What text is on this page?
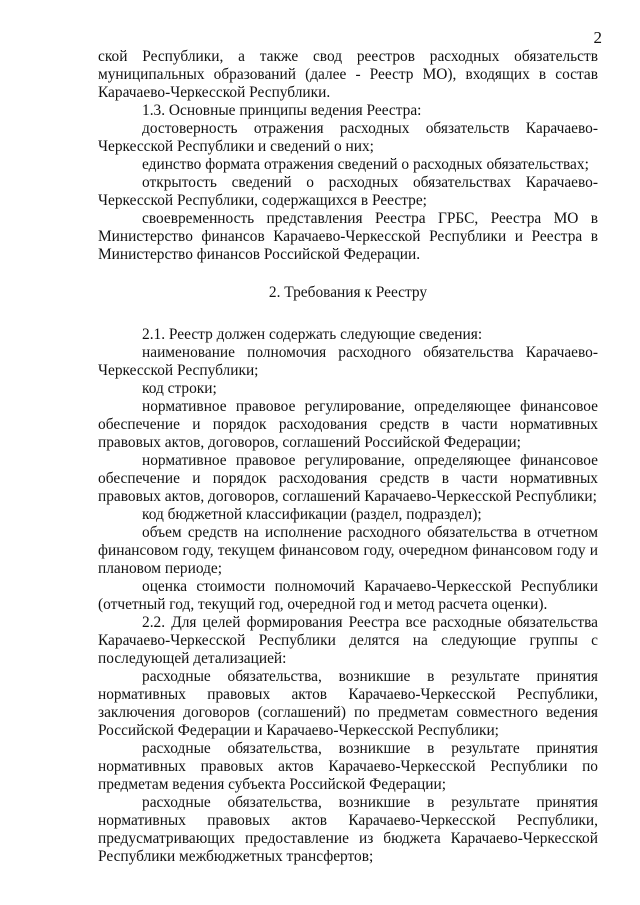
2

ской Республики, а также свод реестров расходных обязательств муниципальных образований (далее - Реестр МО), входящих в состав Карачаево-Черкесской Республики.

1.3. Основные принципы ведения Реестра:

достоверность отражения расходных обязательств Карачаево-Черкесской Республики и сведений о них;

единство формата отражения сведений о расходных обязательствах;

открытость сведений о расходных обязательствах Карачаево-Черкесской Республики, содержащихся в Реестре;

своевременность представления Реестра ГРБС, Реестра МО в Министерство финансов Карачаево-Черкесской Республики и Реестра в Министерство финансов Российской Федерации.

2. Требования к Реестру

2.1. Реестр должен содержать следующие сведения:

наименование полномочия расходного обязательства Карачаево-Черкесской Республики;

код строки;

нормативное правовое регулирование, определяющее финансовое обеспечение и порядок расходования средств в части нормативных правовых актов, договоров, соглашений Российской Федерации;

нормативное правовое регулирование, определяющее финансовое обеспечение и порядок расходования средств в части нормативных правовых актов, договоров, соглашений Карачаево-Черкесской Республики;

код бюджетной классификации (раздел, подраздел);

объем средств на исполнение расходного обязательства в отчетном финансовом году, текущем финансовом году, очередном финансовом году и плановом периоде;

оценка стоимости полномочий Карачаево-Черкесской Республики (отчетный год, текущий год, очередной год и метод расчета оценки).

2.2. Для целей формирования Реестра все расходные обязательства Карачаево-Черкесской Республики делятся на следующие группы с последующей детализацией:

расходные обязательства, возникшие в результате принятия нормативных правовых актов Карачаево-Черкесской Республики, заключения договоров (соглашений) по предметам совместного ведения Российской Федерации и Карачаево-Черкесской Республики;

расходные обязательства, возникшие в результате принятия нормативных правовых актов Карачаево-Черкесской Республики по предметам ведения субъекта Российской Федерации;

расходные обязательства, возникшие в результате принятия нормативных правовых актов Карачаево-Черкесской Республики, предусматривающих предоставление из бюджета Карачаево-Черкесской Республики межбюджетных трансфертов;
